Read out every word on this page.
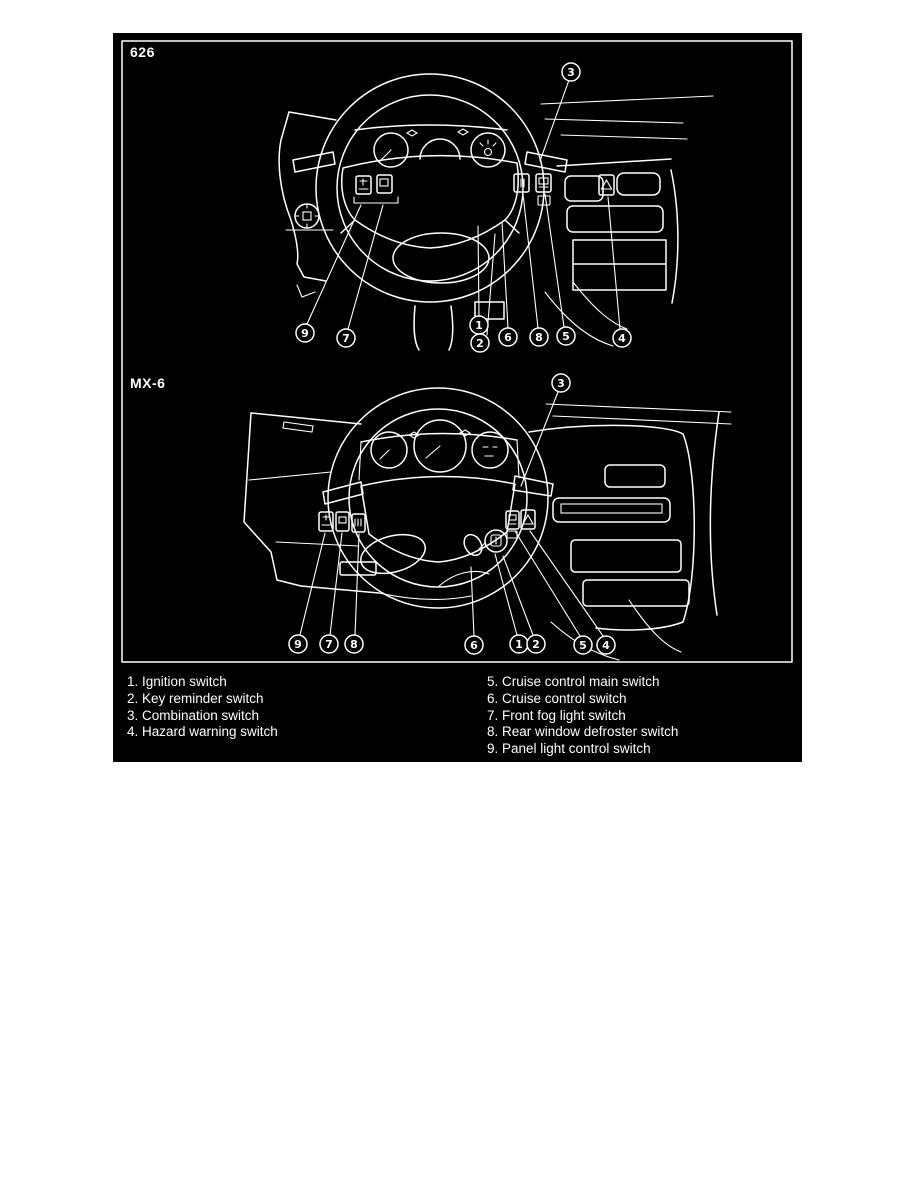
626
MX-6
3
9	7
1
2 6 8 5	4
3
9 7 8	6	1 2	5 4
1. Ignition switch
2. Key reminder switch
3. Combination switch
4. Hazard warning switch
5. Cruise control main switch
6. Cruise control switch
7. Front fog light switch
8. Rear window defroster switch
9. Panel light control switch
